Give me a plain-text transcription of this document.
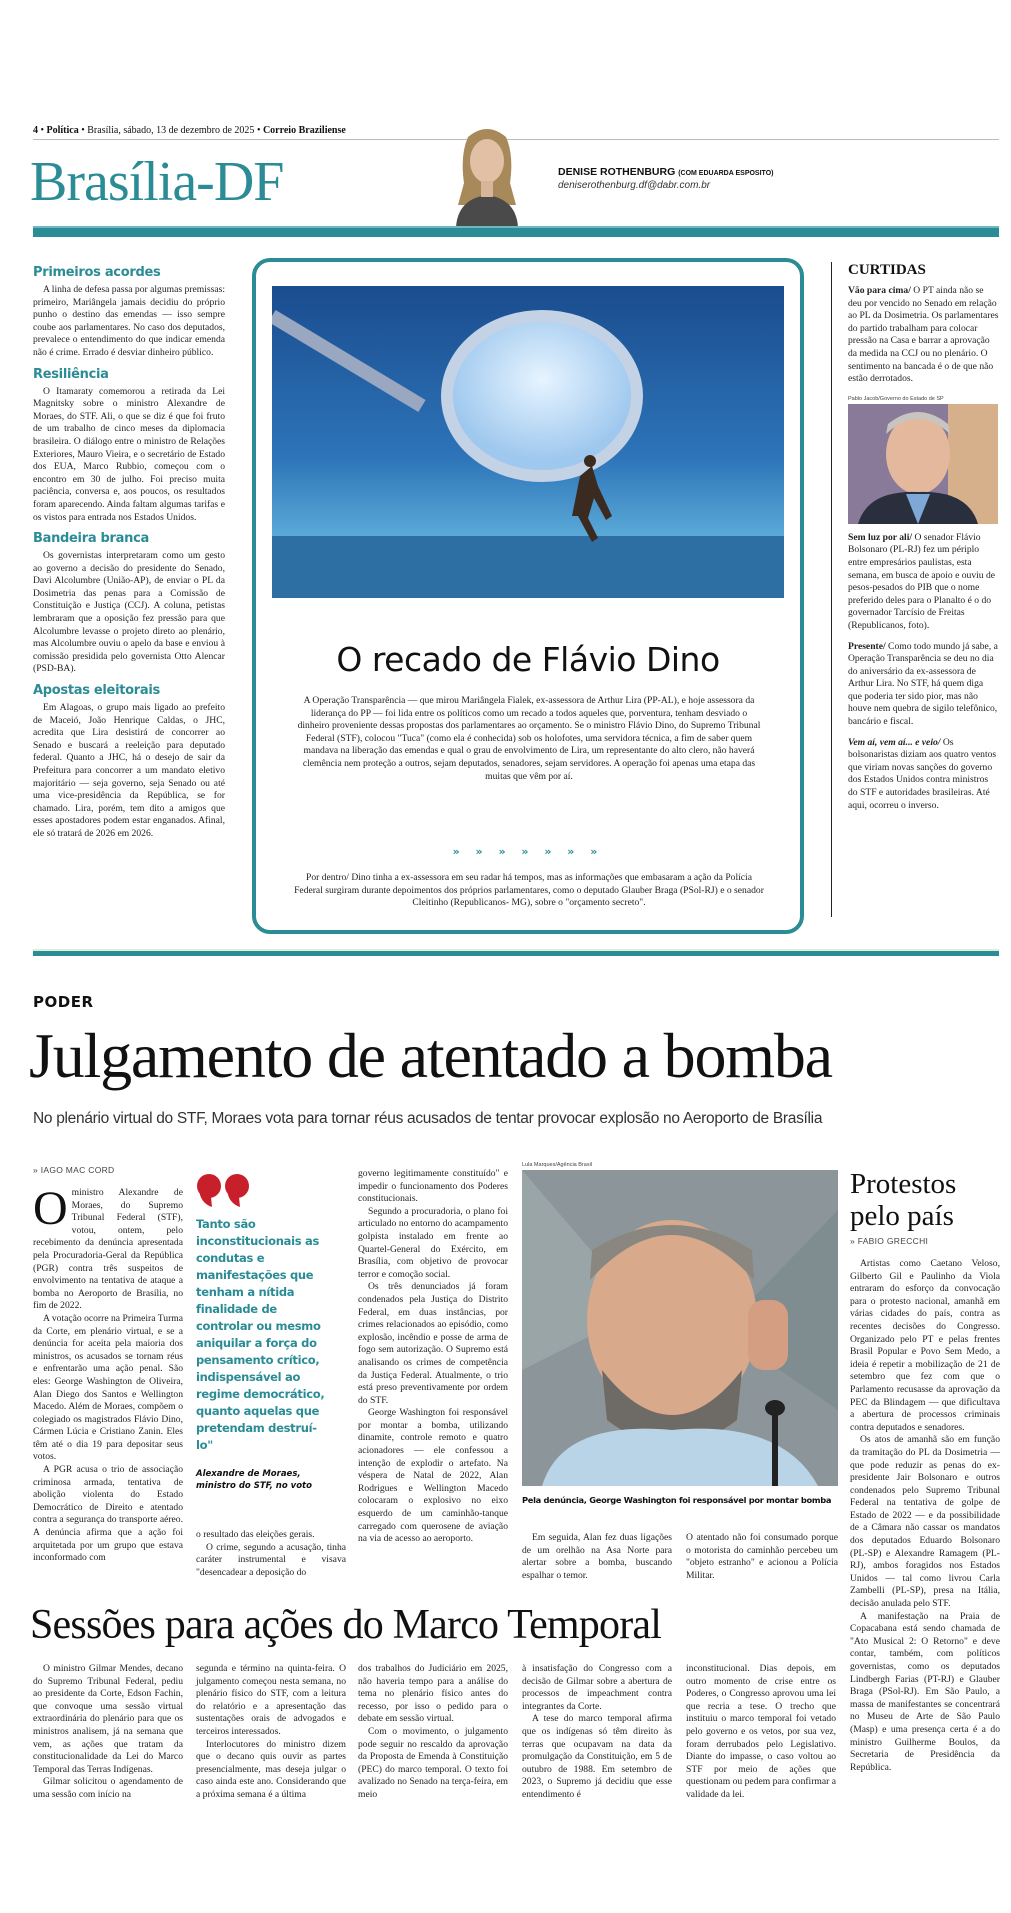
4 • Política • Brasília, sábado, 13 de dezembro de 2025 • Correio Braziliense
Brasília-DF	DENISE ROTHENBURG (COM EDUARDA ESPOSITO)
deniserothenburg.df@dabr.com.br
Primeiros acordes

A linha de defesa passa por algumas premissas: primeiro, Mariângela jamais decidiu do próprio punho o destino das emendas — isso sempre coube aos parlamentares. No caso dos deputados, prevalece o entendimento do que indicar emenda não é crime. Errado é desviar dinheiro público.

Resiliência

O Itamaraty comemorou a retirada da Lei Magnitsky sobre o ministro Alexandre de Moraes, do STF. Ali, o que se diz é que foi fruto de um trabalho de cinco meses da diplomacia brasileira. O diálogo entre o ministro de Relações Exteriores, Mauro Vieira, e o secretário de Estado dos EUA, Marco Rubbio, começou com o encontro em 30 de julho. Foi preciso muita paciência, conversa e, aos poucos, os resultados foram aparecendo. Ainda faltam algumas tarifas e os vistos para entrada nos Estados Unidos.

Bandeira branca

Os governistas interpretaram como um gesto ao governo a decisão do presidente do Senado, Davi Alcolumbre (União-AP), de enviar o PL da Dosimetria das penas para a Comissão de Constituição e Justiça (CCJ). A coluna, petistas lembraram que a oposição fez pressão para que Alcolumbre levasse o projeto direto ao plenário, mas Alcolumbre ouviu o apelo da base e enviou à comissão presidida pelo governista Otto Alencar (PSD-BA).

Apostas eleitorais

Em Alagoas, o grupo mais ligado ao prefeito de Maceió, João Henrique Caldas, o JHC, acredita que Lira desistirá de concorrer ao Senado e buscará a reeleição para deputado federal. Quanto a JHC, há o desejo de sair da Prefeitura para concorrer a um mandato eletivo majoritário — seja governo, seja Senado ou até uma vice-presidência da República, se for chamado. Lira, porém, tem dito a amigos que esses apostadores podem estar enganados. Afinal, ele só tratará de 2026 em 2026.

O recado de Flávio Dino

A Operação Transparência — que mirou Mariângela Fialek, ex-assessora de Arthur Lira (PP-AL), e hoje assessora da liderança do PP — foi lida entre os políticos como um recado a todos aqueles que, porventura, tenham desviado o dinheiro proveniente dessas propostas dos parlamentares ao orçamento. Se o ministro Flávio Dino, do Supremo Tribunal Federal (STF), colocou "Tuca" (como ela é conhecida) sob os holofotes, uma servidora técnica, a fim de saber quem mandava na liberação das emendas e qual o grau de envolvimento de Lira, um representante do alto clero, não haverá clemência nem proteção a outros, sejam deputados, senadores, sejam servidores. A operação foi apenas uma etapa das muitas que vêm por aí.

» » » » » » »

Por dentro/ Dino tinha a ex-assessora em seu radar há tempos, mas as informações que embasaram a ação da Polícia Federal surgiram durante depoimentos dos próprios parlamentares, como o deputado Glauber Braga (PSol-RJ) e o senador Cleitinho (Republicanos- MG), sobre o "orçamento secreto".

CURTIDAS

Vão para cima/ O PT ainda não se deu por vencido no Senado em relação ao PL da Dosimetria. Os parlamentares do partido trabalham para colocar pressão na Casa e barrar a aprovação da medida na CCJ ou no plenário. O sentimento na bancada é o de que não estão derrotados.

Pablo Jacob/Governo do Estado de SP

Sem luz por ali/ O senador Flávio Bolsonaro (PL-RJ) fez um périplo entre empresários paulistas, esta semana, em busca de apoio e ouviu de pesos-pesados do PIB que o nome preferido deles para o Planalto é o do governador Tarcísio de Freitas (Republicanos, foto).

Presente/ Como todo mundo já sabe, a Operação Transparência se deu no dia do aniversário da ex-assessora de Arthur Lira. No STF, há quem diga que poderia ter sido pior, mas não houve nem quebra de sigilo telefônico, bancário e fiscal.

Vem aí, vem aí... e veio/ Os bolsonaristas diziam aos quatro ventos que viriam novas sanções do governo dos Estados Unidos contra ministros do STF e autoridades brasileiras. Até aqui, ocorreu o inverso.

PODER
Julgamento de atentado a bomba
No plenário virtual do STF, Moraes vota para tornar réus acusados de tentar provocar explosão no Aeroporto de Brasília
» IAGO MAC CORD

Oministro Alexandre de Moraes, do Supremo Tribunal Federal (STF), votou, ontem, pelo recebimento da denúncia apresentada pela Procuradoria-Geral da República (PGR) contra três suspeitos de envolvimento na tentativa de ataque a bomba no Aeroporto de Brasília, no fim de 2022.

A votação ocorre na Primeira Turma da Corte, em plenário virtual, e se a denúncia for aceita pela maioria dos ministros, os acusados se tornam réus e enfrentarão uma ação penal. São eles: George Washington de Oliveira, Alan Diego dos Santos e Wellington Macedo. Além de Moraes, compõem o colegiado os magistrados Flávio Dino, Cármen Lúcia e Cristiano Zanin. Eles têm até o dia 19 para depositar seus votos.

A PGR acusa o trio de associação criminosa armada, tentativa de abolição violenta do Estado Democrático de Direito e atentado contra a segurança do transporte aéreo. A denúncia afirma que a ação foi arquitetada por um grupo que estava inconformado com

Tanto são inconstitucionais as condutas e manifestações que tenham a nítida finalidade de controlar ou mesmo aniquilar a força do pensamento crítico, indispensável ao regime democrático, quanto aquelas que pretendam destruí-lo"
Alexandre de Moraes, ministro do STF, no voto

o resultado das eleições gerais.

O crime, segundo a acusação, tinha caráter instrumental e visava "desencadear a deposição do

governo legitimamente constituído" e impedir o funcionamento dos Poderes constitucionais.

Segundo a procuradoria, o plano foi articulado no entorno do acampamento golpista instalado em frente ao Quartel-General do Exército, em Brasília, com objetivo de provocar terror e comoção social.

Os três denunciados já foram condenados pela Justiça do Distrito Federal, em duas instâncias, por crimes relacionados ao episódio, como explosão, incêndio e posse de arma de fogo sem autorização. O Supremo está analisando os crimes de competência da Justiça Federal. Atualmente, o trio está preso preventivamente por ordem do STF.

George Washington foi responsável por montar a bomba, utilizando dinamite, controle remoto e quatro acionadores — ele confessou a intenção de explodir o artefato. Na véspera de Natal de 2022, Alan Rodrigues e Wellington Macedo colocaram o explosivo no eixo esquerdo de um caminhão-tanque carregado com querosene de aviação na via de acesso ao aeroporto.

Lula Marques/Agência Brasil
Pela denúncia, George Washington foi responsável por montar bomba

Em seguida, Alan fez duas ligações de um orelhão na Asa Norte para alertar sobre a bomba, buscando espalhar o temor.

O atentado não foi consumado porque o motorista do caminhão percebeu um "objeto estranho" e acionou a Polícia Militar.

Protestos
pelo país
» FABIO GRECCHI

Artistas como Caetano Veloso, Gilberto Gil e Paulinho da Viola entraram do esforço da convocação para o protesto nacional, amanhã em várias cidades do país, contra as recentes decisões do Congresso. Organizado pelo PT e pelas frentes Brasil Popular e Povo Sem Medo, a ideia é repetir a mobilização de 21 de setembro que fez com que o Parlamento recusasse da aprovação da PEC da Blindagem — que dificultava a abertura de processos criminais contra deputados e senadores.

Os atos de amanhã são em função da tramitação do PL da Dosimetria — que pode reduzir as penas do ex-presidente Jair Bolsonaro e outros condenados pelo Supremo Tribunal Federal na tentativa de golpe de Estado de 2022 — e da possibilidade de a Câmara não cassar os mandatos dos deputados Eduardo Bolsonaro (PL-SP) e Alexandre Ramagem (PL-RJ), ambos foragidos nos Estados Unidos — tal como livrou Carla Zambelli (PL-SP), presa na Itália, decisão anulada pelo STF.

A manifestação na Praia de Copacabana está sendo chamada de "Ato Musical 2: O Retorno" e deve contar, também, com políticos governistas, como os deputados Lindbergh Farias (PT-RJ) e Glauber Braga (PSol-RJ). Em São Paulo, a massa de manifestantes se concentrará no Museu de Arte de São Paulo (Masp) e uma presença certa é a do ministro Guilherme Boulos, da Secretaria de Presidência da República.

Sessões para ações do Marco Temporal

O ministro Gilmar Mendes, decano do Supremo Tribunal Federal, pediu ao presidente da Corte, Edson Fachin, que convoque uma sessão virtual extraordinária do plenário para que os ministros analisem, já na semana que vem, as ações que tratam da constitucionalidade da Lei do Marco Temporal das Terras Indígenas.

Gilmar solicitou o agendamento de uma sessão com início na

segunda e término na quinta-feira. O julgamento começou nesta semana, no plenário físico do STF, com a leitura do relatório e a apresentação das sustentações orais de advogados e terceiros interessados.

Interlocutores do ministro dizem que o decano quis ouvir as partes presencialmente, mas deseja julgar o caso ainda este ano. Considerando que a próxima semana é a última

dos trabalhos do Judiciário em 2025, não haveria tempo para a análise do tema no plenário físico antes do recesso, por isso o pedido para o debate em sessão virtual.

Com o movimento, o julgamento pode seguir no rescaldo da aprovação da Proposta de Emenda à Constituição (PEC) do marco temporal. O texto foi avalizado no Senado na terça-feira, em meio

à insatisfação do Congresso com a decisão de Gilmar sobre a abertura de processos de impeachment contra integrantes da Corte.

A tese do marco temporal afirma que os indígenas só têm direito às terras que ocupavam na data da promulgação da Constituição, em 5 de outubro de 1988. Em setembro de 2023, o Supremo já decidiu que esse entendimento é

inconstitucional. Dias depois, em outro momento de crise entre os Poderes, o Congresso aprovou uma lei que recria a tese. O trecho que instituiu o marco temporal foi vetado pelo governo e os vetos, por sua vez, foram derrubados pelo Legislativo. Diante do impasse, o caso voltou ao STF por meio de ações que questionam ou pedem para confirmar a validade da lei.
